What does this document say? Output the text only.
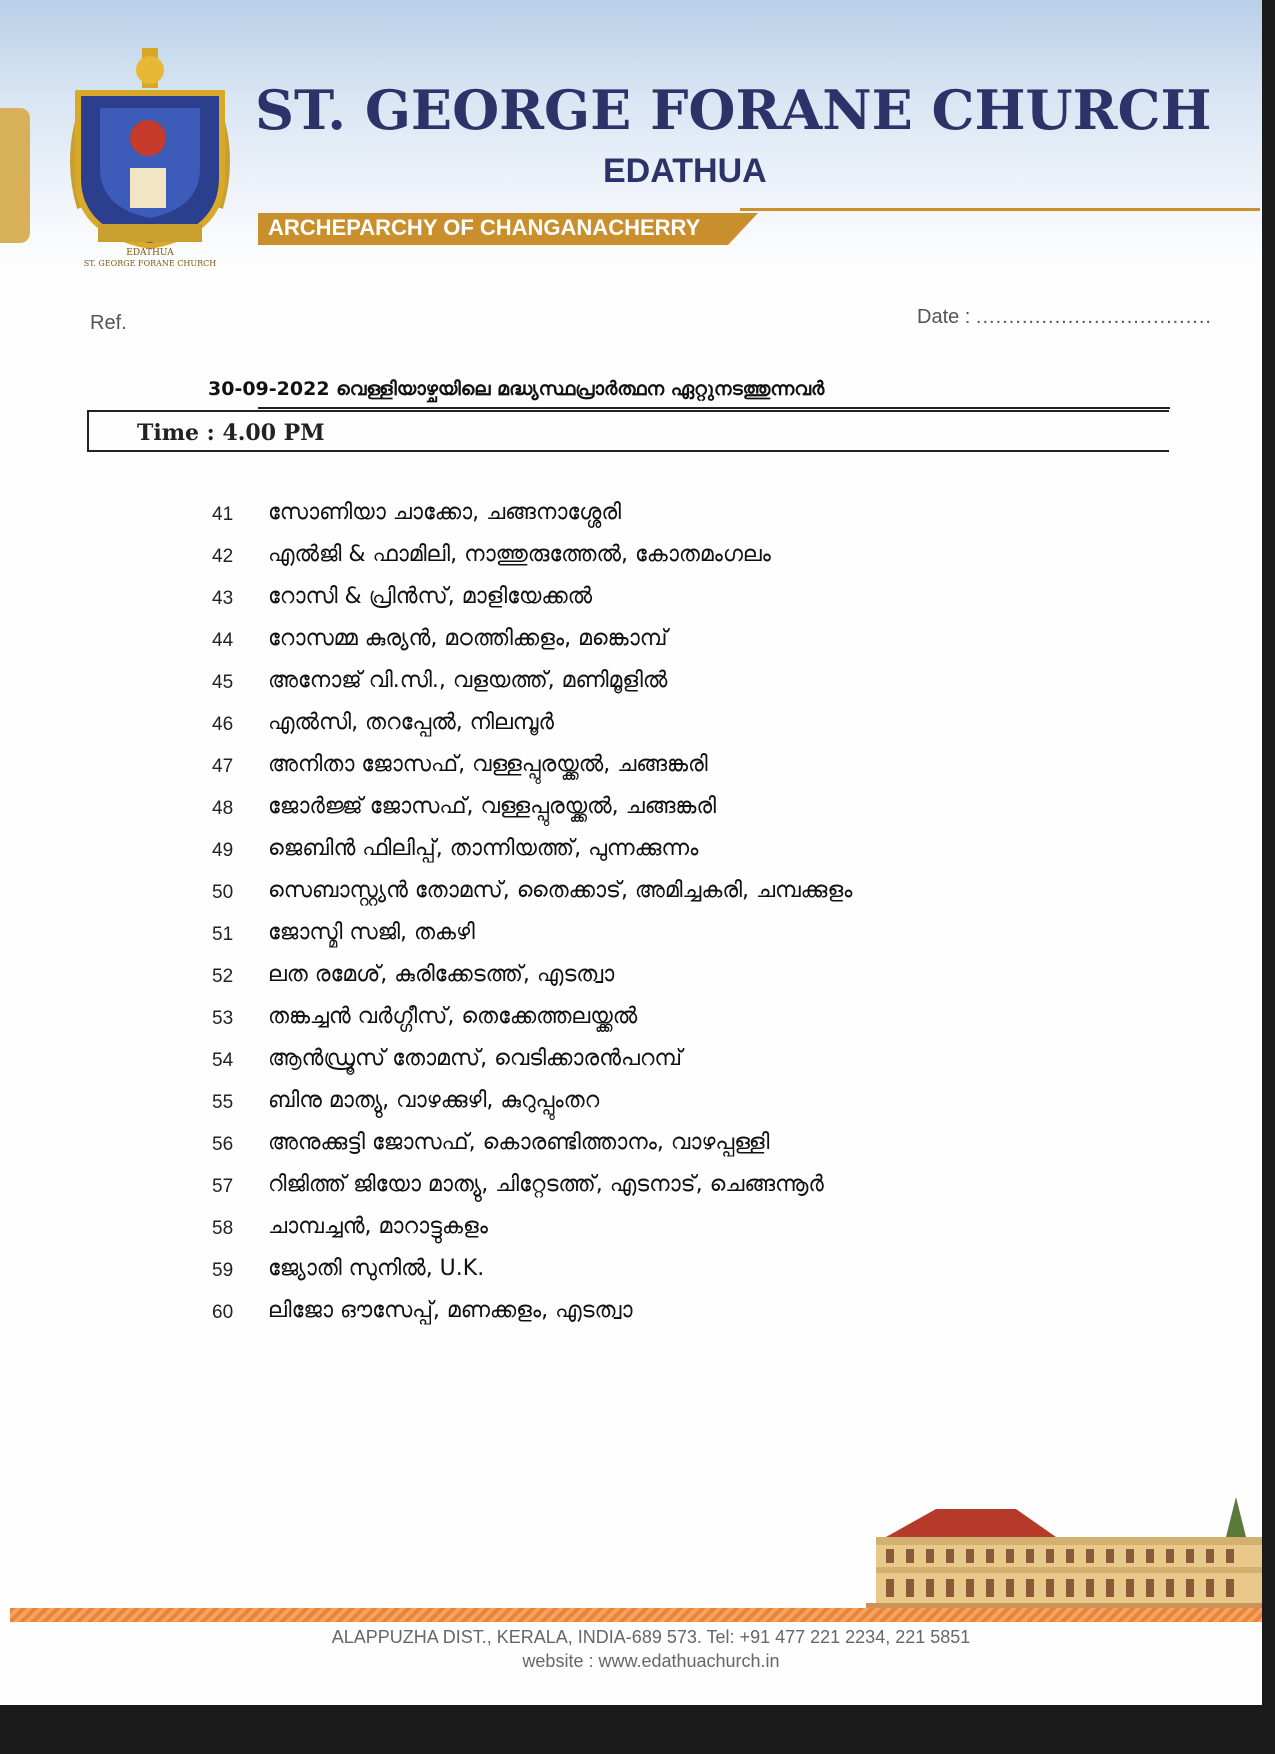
EDATHUA
ST. GEORGE FORANE CHURCH
ST. GEORGE FORANE CHURCH
EDATHUA
ARCHEPARCHY OF CHANGANACHERRY
Ref.	Date : ....................................
30-09-2022 വെള്ളിയാഴ്ചയിലെ മദ്ധ്യസ്ഥപ്രാർത്ഥന ഏറ്റുനടത്തുന്നവർ
Time : 4.00 PM
41	സോണിയാ ചാക്കോ, ചങ്ങനാശ്ശേരി
42	എൽജി & ഫാമിലി, നാത്തുരുത്തേൽ, കോതമംഗലം
43	റോസി & പ്രിൻസ്, മാളിയേക്കൽ
44	റോസമ്മ കുര്യൻ, മഠത്തിക്കളം, മങ്കൊമ്പ്
45	അനോജ് വി.സി., വളയത്ത്, മണിമൂളിൽ
46	എൽസി, തറപ്പേൽ, നിലമ്പൂർ
47	അനിതാ ജോസഫ്, വള്ളപ്പുരയ്ക്കൽ, ചങ്ങങ്കരി
48	ജോർജ്ജ് ജോസഫ്, വള്ളപ്പുരയ്ക്കൽ, ചങ്ങങ്കരി
49	ജെബിൻ ഫിലിപ്പ്, താന്നിയത്ത്, പുന്നക്കുന്നം
50	സെബാസ്റ്റ്യൻ തോമസ്, തൈക്കാട്, അമിച്ചകരി, ചമ്പക്കുളം
51	ജോസ്മി സജി, തകഴി
52	ലത രമേശ്, കുരിക്കേടത്ത്, എടത്വാ
53	തങ്കച്ചൻ വർഗ്ഗീസ്, തെക്കേത്തലയ്ക്കൽ
54	ആൻഡ്രൂസ് തോമസ്, വെടിക്കാരൻപറമ്പ്
55	ബിനു മാത്യു, വാഴക്കുഴി, കുറുപ്പുംതറ
56	അനുക്കുട്ടി ജോസഫ്, കൊരണ്ടിത്താനം, വാഴപ്പള്ളി
57	റിജിത്ത് ജിയോ മാത്യു, ചിറ്റേടത്ത്, എടനാട്, ചെങ്ങന്നൂർ
58	ചാമ്പച്ചൻ, മാറാട്ടുകളം
59	ജ്യോതി സുനിൽ, U.K.
60	ലിജോ ഔസേപ്പ്, മണക്കളം, എടത്വാ
ALAPPUZHA DIST., KERALA, INDIA-689 573. Tel: +91 477 221 2234, 221 5851
website : www.edathuachurch.in
